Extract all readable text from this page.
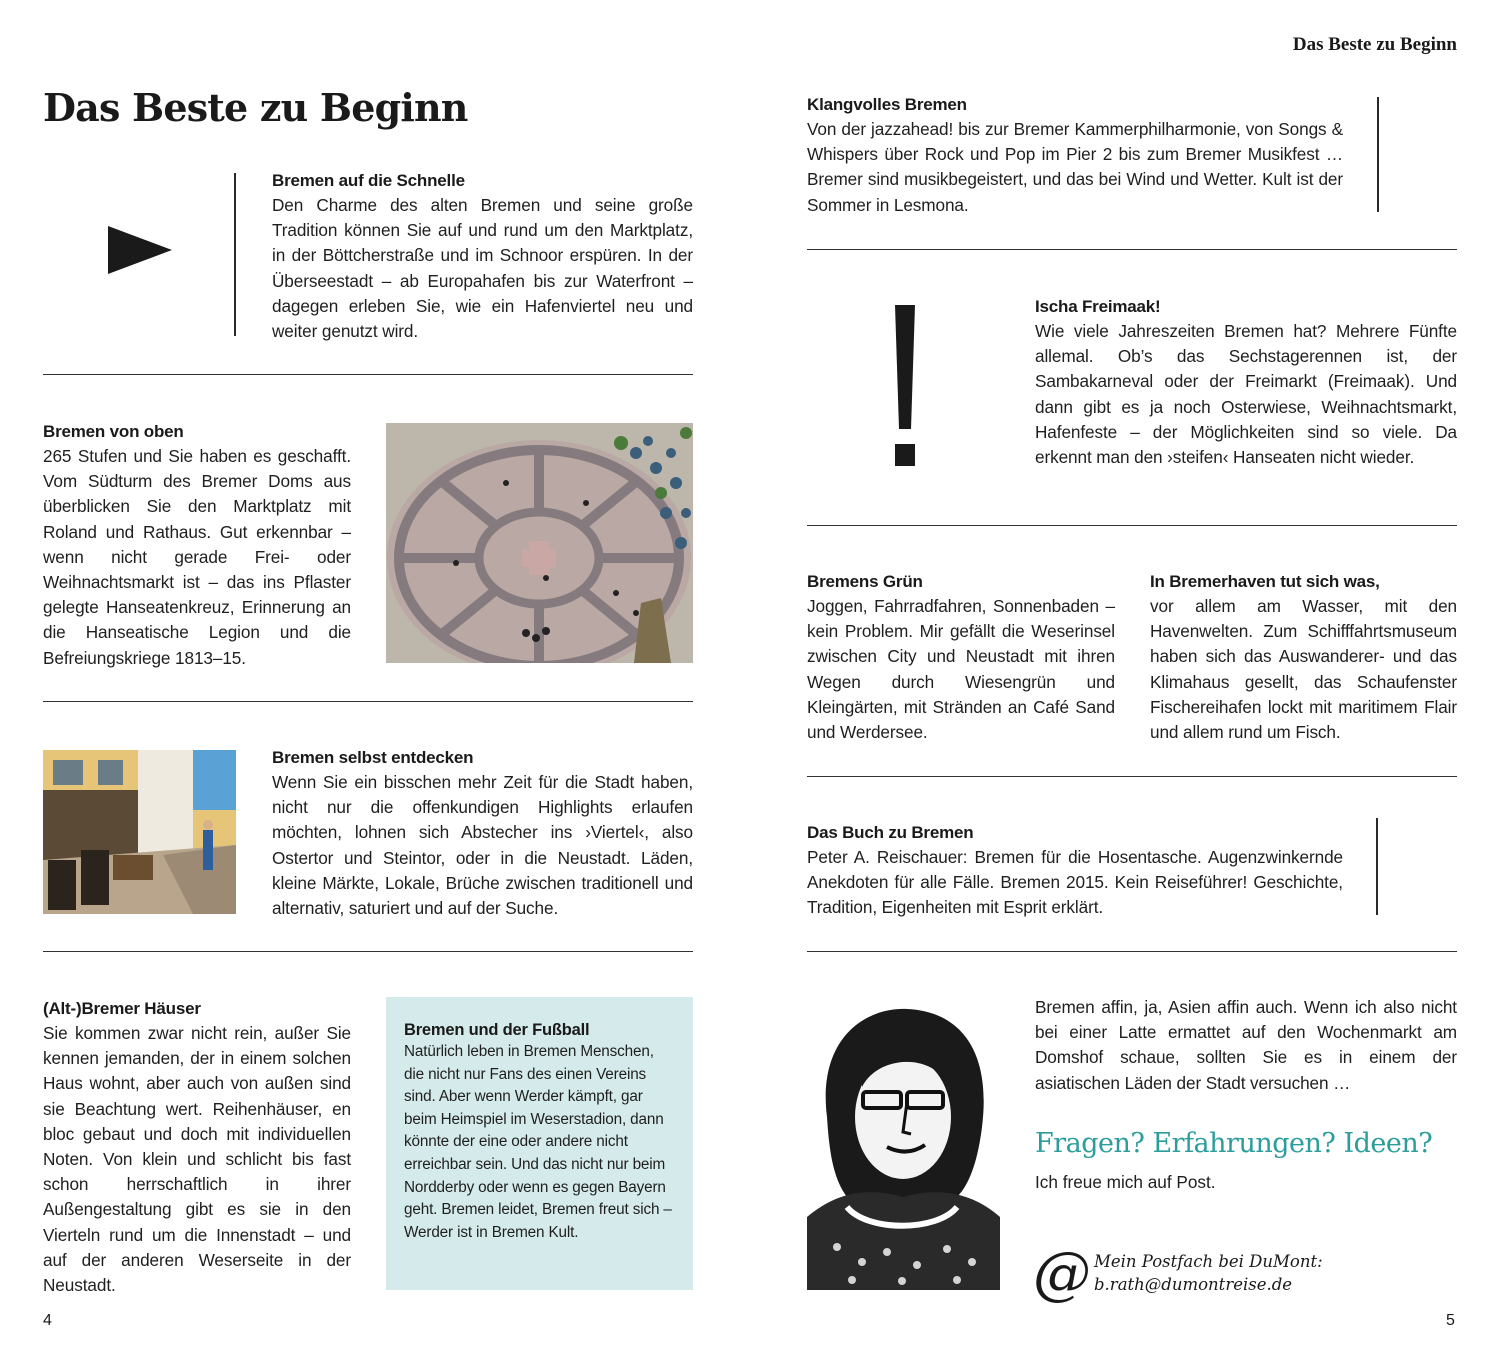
Das Beste zu Beginn
Das Beste zu Beginn
Bremen auf die Schnelle
Den Charme des alten Bremen und seine große Tradition können Sie auf und rund um den Marktplatz, in der Böttcherstraße und im Schnoor erspüren. In der Überseestadt – ab Europahafen bis zur Waterfront – dagegen erleben Sie, wie ein Hafenviertel neu und weiter genutzt wird.
Bremen von oben
265 Stufen und Sie haben es geschafft. Vom Südturm des Bremer Doms aus überblicken Sie den Marktplatz mit Roland und Rathaus. Gut erkennbar – wenn nicht gerade Frei- oder Weihnachtsmarkt ist – das ins Pflaster gelegte Hanseatenkreuz, Erinnerung an die Hanseatische Legion und die Befreiungskriege 1813–15.
Bremen selbst entdecken
Wenn Sie ein bisschen mehr Zeit für die Stadt haben, nicht nur die offenkundigen Highlights erlaufen möchten, lohnen sich Abstecher ins ›Viertel‹, also Ostertor und Steintor, oder in die Neustadt. Läden, kleine Märkte, Lokale, Brüche zwischen traditionell und alternativ, saturiert und auf der Suche.
(Alt-)Bremer Häuser
Sie kommen zwar nicht rein, außer Sie kennen jemanden, der in einem solchen Haus wohnt, aber auch von außen sind sie Beachtung wert. Reihenhäuser, en bloc gebaut und doch mit individuellen Noten. Von klein und schlicht bis fast schon herrschaftlich in ihrer Außengestaltung gibt es sie in den Vierteln rund um die Innenstadt – und auf der anderen Weserseite in der Neustadt.
Bremen und der Fußball
Natürlich leben in Bremen Menschen, die nicht nur Fans des einen Vereins sind. Aber wenn Werder kämpft, gar beim Heimspiel im Weserstadion, dann könnte der eine oder andere nicht erreichbar sein. Und das nicht nur beim Nordderby oder wenn es gegen Bayern geht. Bremen leidet, Bremen freut sich – Werder ist in Bremen Kult.
4
Klangvolles Bremen
Von der jazzahead! bis zur Bremer Kammerphilharmonie, von Songs & Whispers über Rock und Pop im Pier 2 bis zum Bremer Musikfest … Bremer sind musikbegeistert, und das bei Wind und Wetter. Kult ist der Sommer in Lesmona.
Ischa Freimaak!
Wie viele Jahreszeiten Bremen hat? Mehrere Fünfte allemal. Ob’s das Sechstagerennen ist, der Sambakarneval oder der Freimarkt (Freimaak). Und dann gibt es ja noch Osterwiese, Weihnachtsmarkt, Hafenfeste – der Möglichkeiten sind so viele. Da erkennt man den ›steifen‹ Hanseaten nicht wieder.
Bremens Grün
Joggen, Fahrradfahren, Sonnenbaden – kein Problem. Mir gefällt die Weserinsel zwischen City und Neustadt mit ihren Wegen durch Wiesengrün und Kleingärten, mit Stränden an Café Sand und Werdersee.
In Bremerhaven tut sich was,
vor allem am Wasser, mit den Havenwelten. Zum Schifffahrtsmuseum haben sich das Auswanderer- und das Klimahaus gesellt, das Schaufenster Fischereihafen lockt mit maritimem Flair und allem rund um Fisch.
Das Buch zu Bremen
Peter A. Reischauer: Bremen für die Hosentasche. Augenzwinkernde Anekdoten für alle Fälle. Bremen 2015. Kein Reiseführer! Geschichte, Tradition, Eigenheiten mit Esprit erklärt.
Bremen affin, ja, Asien affin auch. Wenn ich also nicht bei einer Latte ermattet auf den Wochenmarkt am Domshof schaue, sollten Sie es in einem der asiatischen Läden der Stadt versuchen …
Fragen? Erfahrungen? Ideen?
Ich freue mich auf Post.
@ Mein Postfach bei DuMont:
b.rath@dumontreise.de
5
